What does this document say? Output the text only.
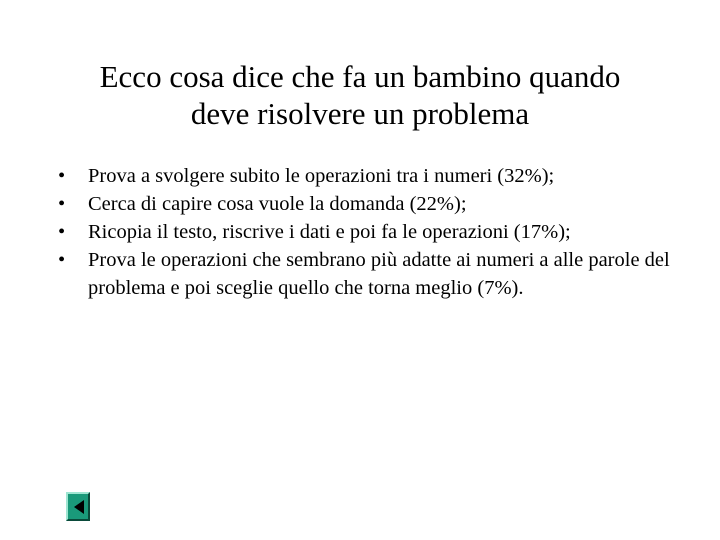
Ecco cosa dice che fa un bambino quando
deve risolvere un problema
•	Prova a svolgere subito le operazioni tra i numeri (32%);
•	Cerca di capire cosa vuole la domanda (22%);
•	Ricopia il testo, riscrive i dati e poi fa le operazioni (17%);
•	Prova le operazioni che sembrano più adatte ai numeri a alle parole del problema e poi sceglie quello che torna meglio (7%).
